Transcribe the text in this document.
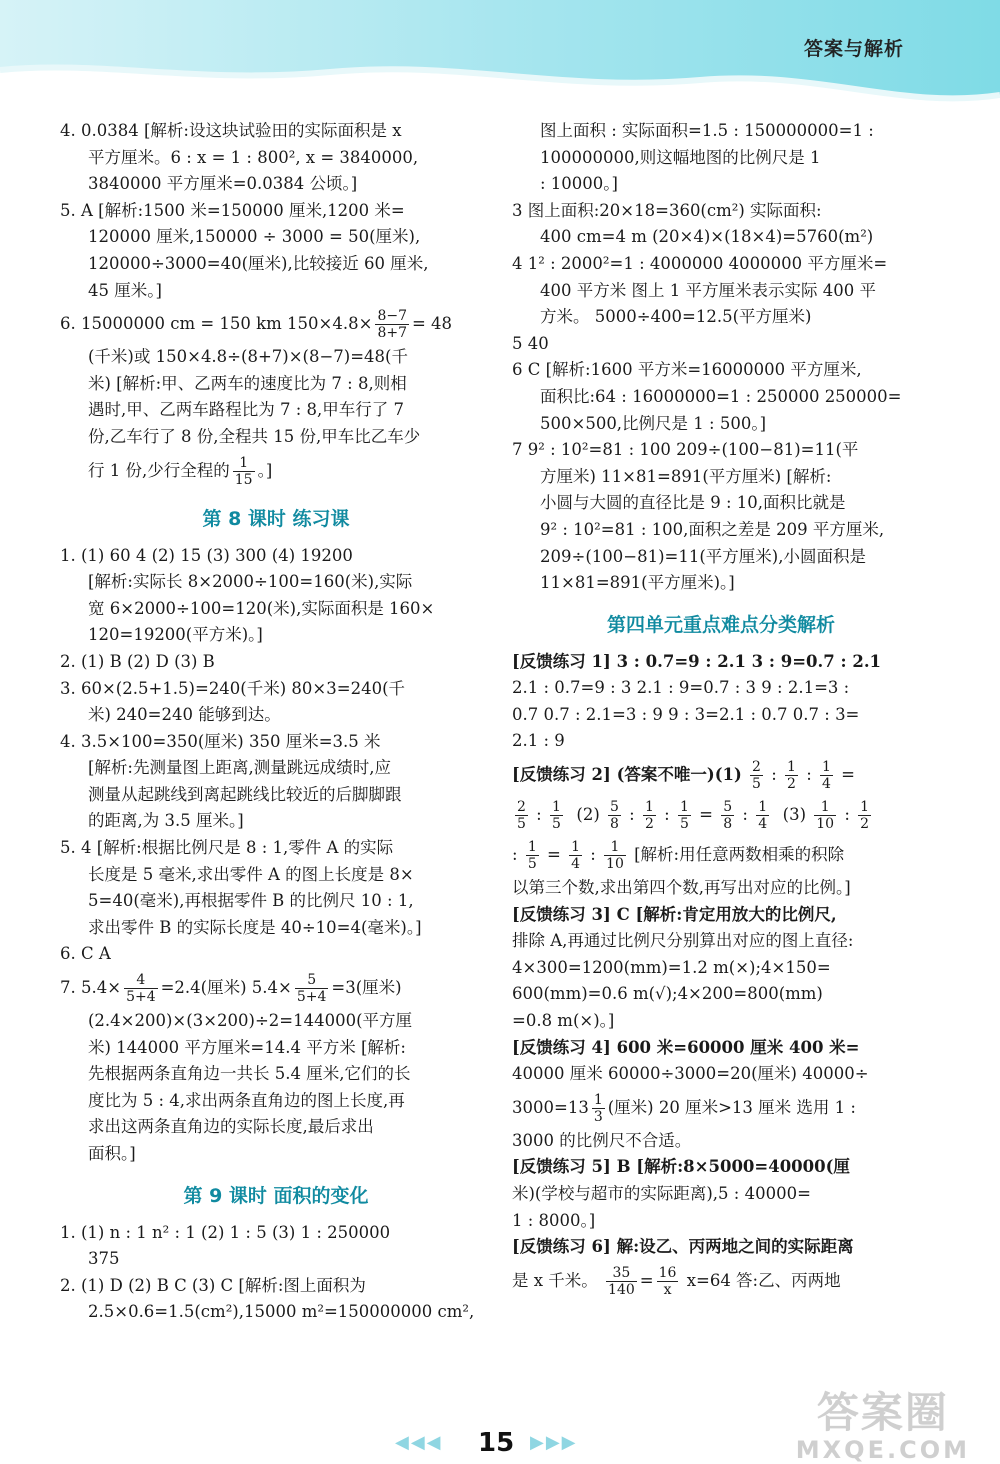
答案与解析
4. 0.0384 [解析:设这块试验田的实际面积是 x
平方厘米。6 : x = 1 : 800², x = 3840000,
3840000 平方厘米=0.0384 公顷。]
5. A [解析:1500 米=150000 厘米,1200 米=
120000 厘米,150000 ÷ 3000 = 50(厘米),
120000÷3000=40(厘米),比较接近 60 厘米,
45 厘米。]
6. 15000000 cm = 150 km $150\times 4.8\times \frac{8-7}{8+7} = 48$
(千米)或 150×4.8÷(8+7)×(8−7)=48(千
米) [解析:甲、乙两车的速度比为 7 : 8,则相
遇时,甲、乙两车路程比为 7 : 8,甲车行了 7
份,乙车行了 8 份,全程共 15 份,甲车比乙车少
行 1 份,少行全程的 $\frac{1}{15}$ 。]
第 8 课时 练习课
1. (1) 60 4 (2) 15 (3) 300 (4) 19200
[解析:实际长 8×2000÷100=160(米),实际
宽 6×2000÷100=120(米),实际面积是 160×
120=19200(平方米)。]
2. (1) B (2) D (3) B
3. 60×(2.5+1.5)=240(千米) 80×3=240(千
米) 240=240 能够到达。
4. 3.5×100=350(厘米) 350 厘米=3.5 米
[解析:先测量图上距离,测量跳远成绩时,应
测量从起跳线到离起跳线比较近的后脚脚跟
的距离,为 3.5 厘米。]
5. 4 [解析:根据比例尺是 8 : 1,零件 A 的实际
长度是 5 毫米,求出零件 A 的图上长度是 8×
5=40(毫米),再根据零件 B 的比例尺 10 : 1,
求出零件 B 的实际长度是 40÷10=4(毫米)。]
6. C A
7. $5.4\times \frac{4}{5+4} =2.4$(厘米) $5.4\times \frac{5}{5+4} =3$(厘米)
(2.4×200)×(3×200)÷2=144000(平方厘
米) 144000 平方厘米=14.4 平方米 [解析:
先根据两条直角边一共长 5.4 厘米,它们的长
度比为 5 : 4,求出两条直角边的图上长度,再
求出这两条直角边的实际长度,最后求出
面积。]
第 9 课时 面积的变化
1. (1) n : 1 n² : 1 (2) 1 : 5 (3) 1 : 250000
375
2. (1) D (2) B C (3) C [解析:图上面积为
2.5×0.6=1.5(cm²),15000 m²=150000000 cm²,
图上面积 : 实际面积=1.5 : 150000000=1 :
100000000,则这幅地图的比例尺是 1
: 10000。]
3 图上面积:20×18=360(cm²) 实际面积:
400 cm=4 m (20×4)×(18×4)=5760(m²)
4 1² : 2000²=1 : 4000000 4000000 平方厘米=
400 平方米 图上 1 平方厘米表示实际 400 平
方米。 5000÷400=12.5(平方厘米)
5 40
6 C [解析:1600 平方米=16000000 平方厘米,
面积比:64 : 16000000=1 : 250000 250000=
500×500,比例尺是 1 : 500。]
7 9² : 10²=81 : 100 209÷(100−81)=11(平
方厘米) 11×81=891(平方厘米) [解析:
小圆与大圆的直径比是 9 : 10,面积比就是
9² : 10²=81 : 100,面积之差是 209 平方厘米,
209÷(100−81)=11(平方厘米),小圆面积是
11×81=891(平方厘米)。]
第四单元重点难点分类解析
[反馈练习 1] 3 : 0.7=9 : 2.1 3 : 9=0.7 : 2.1
2.1 : 0.7=9 : 3 2.1 : 9=0.7 : 3 9 : 2.1=3 :
0.7 0.7 : 2.1=3 : 9 9 : 3=2.1 : 0.7 0.7 : 3=
2.1 : 9
[反馈练习 2] (答案不唯一)$(1) \frac{2}{5}$ : $\frac{1}{2}$ : $\frac{1}{4}$ =
$\frac{2}{5}$ : $\frac{1}{5} (2) \frac{5}{8}$ : $\frac{1}{2}$ : $\frac{1}{5} = \frac{5}{8}$ : $\frac{1}{4} (3) \frac{1}{10}$ : $\frac{1}{2}$
: $\frac{1}{5} = \frac{1}{4}$ : $\frac{1}{10}$ [解析:用任意两数相乘的积除
以第三个数,求出第四个数,再写出对应的比例。]
[反馈练习 3] C [解析:肯定用放大的比例尺,
排除 A,再通过比例尺分别算出对应的图上直径:
4×300=1200(mm)=1.2 m(×);4×150=
600(mm)=0.6 m(√);4×200=800(mm)
=0.8 m(×)。]
[反馈练习 4] 600 米=60000 厘米 400 米=
40000 厘米 60000÷3000=20(厘米) 40000÷
$3000=13 \frac{1}{3}$ (厘米) 20 厘米>13 厘米 选用 1 :
3000 的比例尺不合适。
[反馈练习 5] B [解析:8×5000=40000(厘
米)(学校与超市的实际距离),5 : 40000=
1 : 8000。]
[反馈练习 6] 解:设乙、丙两地之间的实际距离
是 x 千米。 $\frac{35}{140} = \frac{16}{x} x=64$ 答:乙、丙两地
◀◀◀ 15 ▶▶▶
答案圈
MXQE.COM
